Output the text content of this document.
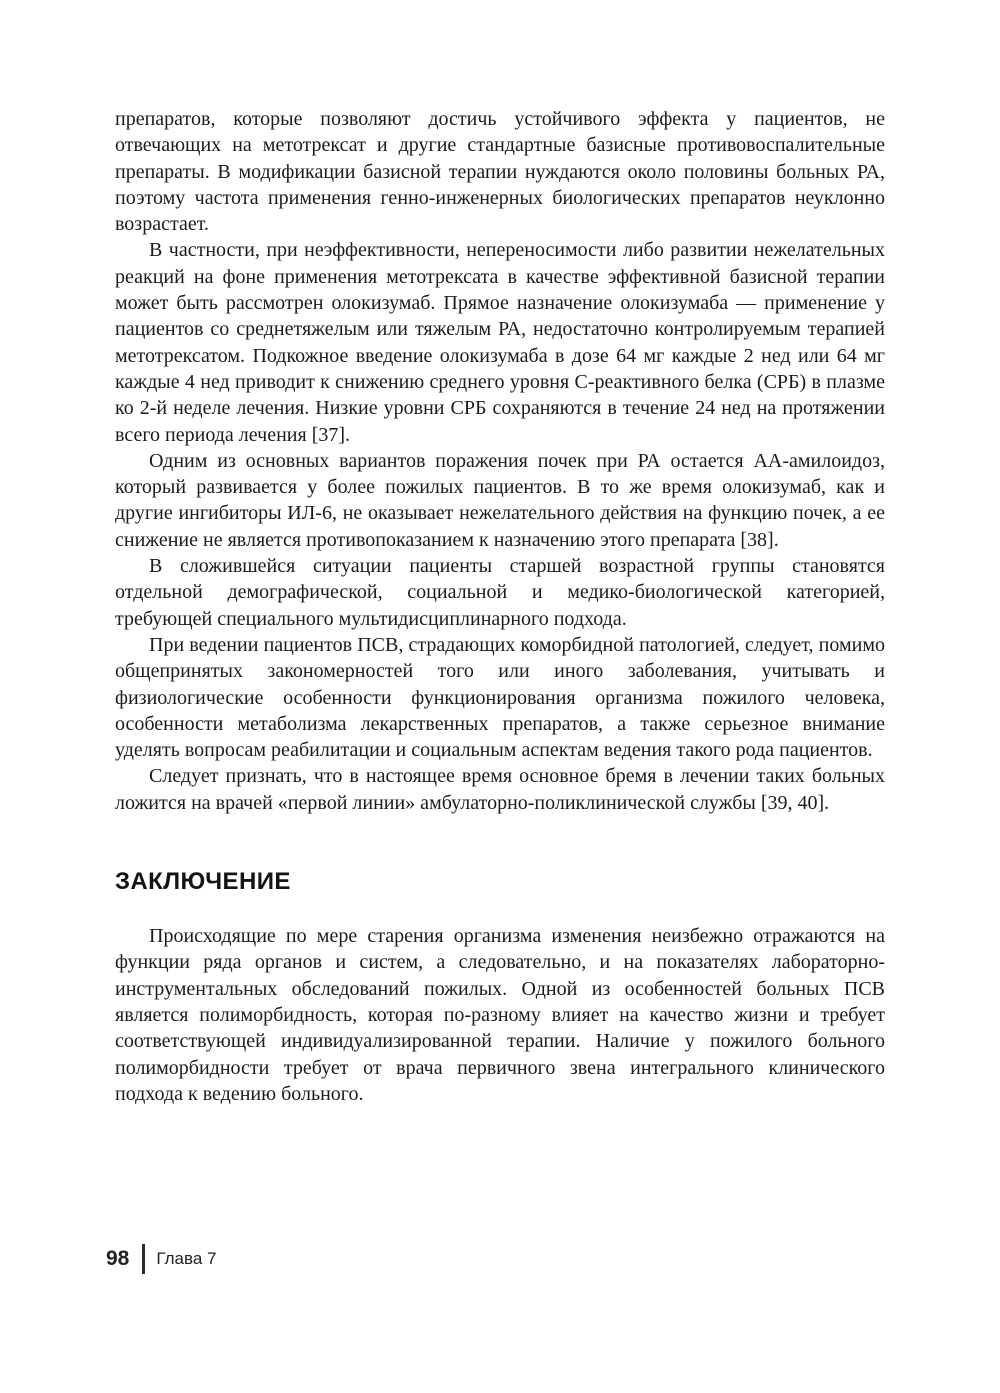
препаратов, которые позволяют достичь устойчивого эффекта у пациентов, не отвечающих на метотрексат и другие стандартные базисные противовоспалительные препараты. В модификации базисной терапии нуждаются около половины больных РА, поэтому частота применения генно-инженерных биологических препаратов неуклонно возрастает.

В частности, при неэффективности, непереносимости либо развитии нежелательных реакций на фоне применения метотрексата в качестве эффективной базисной терапии может быть рассмотрен олокизумаб. Прямое назначение олокизумаба — применение у пациентов со среднетяжелым или тяжелым РА, недостаточно контролируемым терапией метотрексатом. Подкожное введение олокизумаба в дозе 64 мг каждые 2 нед или 64 мг каждые 4 нед приводит к снижению среднего уровня С-реактивного белка (СРБ) в плазме ко 2-й неделе лечения. Низкие уровни СРБ сохраняются в течение 24 нед на протяжении всего периода лечения [37].

Одним из основных вариантов поражения почек при РА остается АА-амилоидоз, который развивается у более пожилых пациентов. В то же время олокизумаб, как и другие ингибиторы ИЛ-6, не оказывает нежелательного действия на функцию почек, а ее снижение не является противопоказанием к назначению этого препарата [38].

В сложившейся ситуации пациенты старшей возрастной группы становятся отдельной демографической, социальной и медико-биологической категорией, требующей специального мультидисциплинарного подхода.

При ведении пациентов ПСВ, страдающих коморбидной патологией, следует, помимо общепринятых закономерностей того или иного заболевания, учитывать и физиологические особенности функционирования организма пожилого человека, особенности метаболизма лекарственных препаратов, а также серьезное внимание уделять вопросам реабилитации и социальным аспектам ведения такого рода пациентов.

Следует признать, что в настоящее время основное бремя в лечении таких больных ложится на врачей «первой линии» амбулаторно-поликлинической службы [39, 40].

ЗАКЛЮЧЕНИЕ

Происходящие по мере старения организма изменения неизбежно отражаются на функции ряда органов и систем, а следовательно, и на показателях лабораторно-инструментальных обследований пожилых. Одной из особенностей больных ПСВ является полиморбидность, которая по-разному влияет на качество жизни и требует соответствующей индивидуализированной терапии. Наличие у пожилого больного полиморбидности требует от врача первичного звена интегрального клинического подхода к ведению больного.

98 Глава 7
